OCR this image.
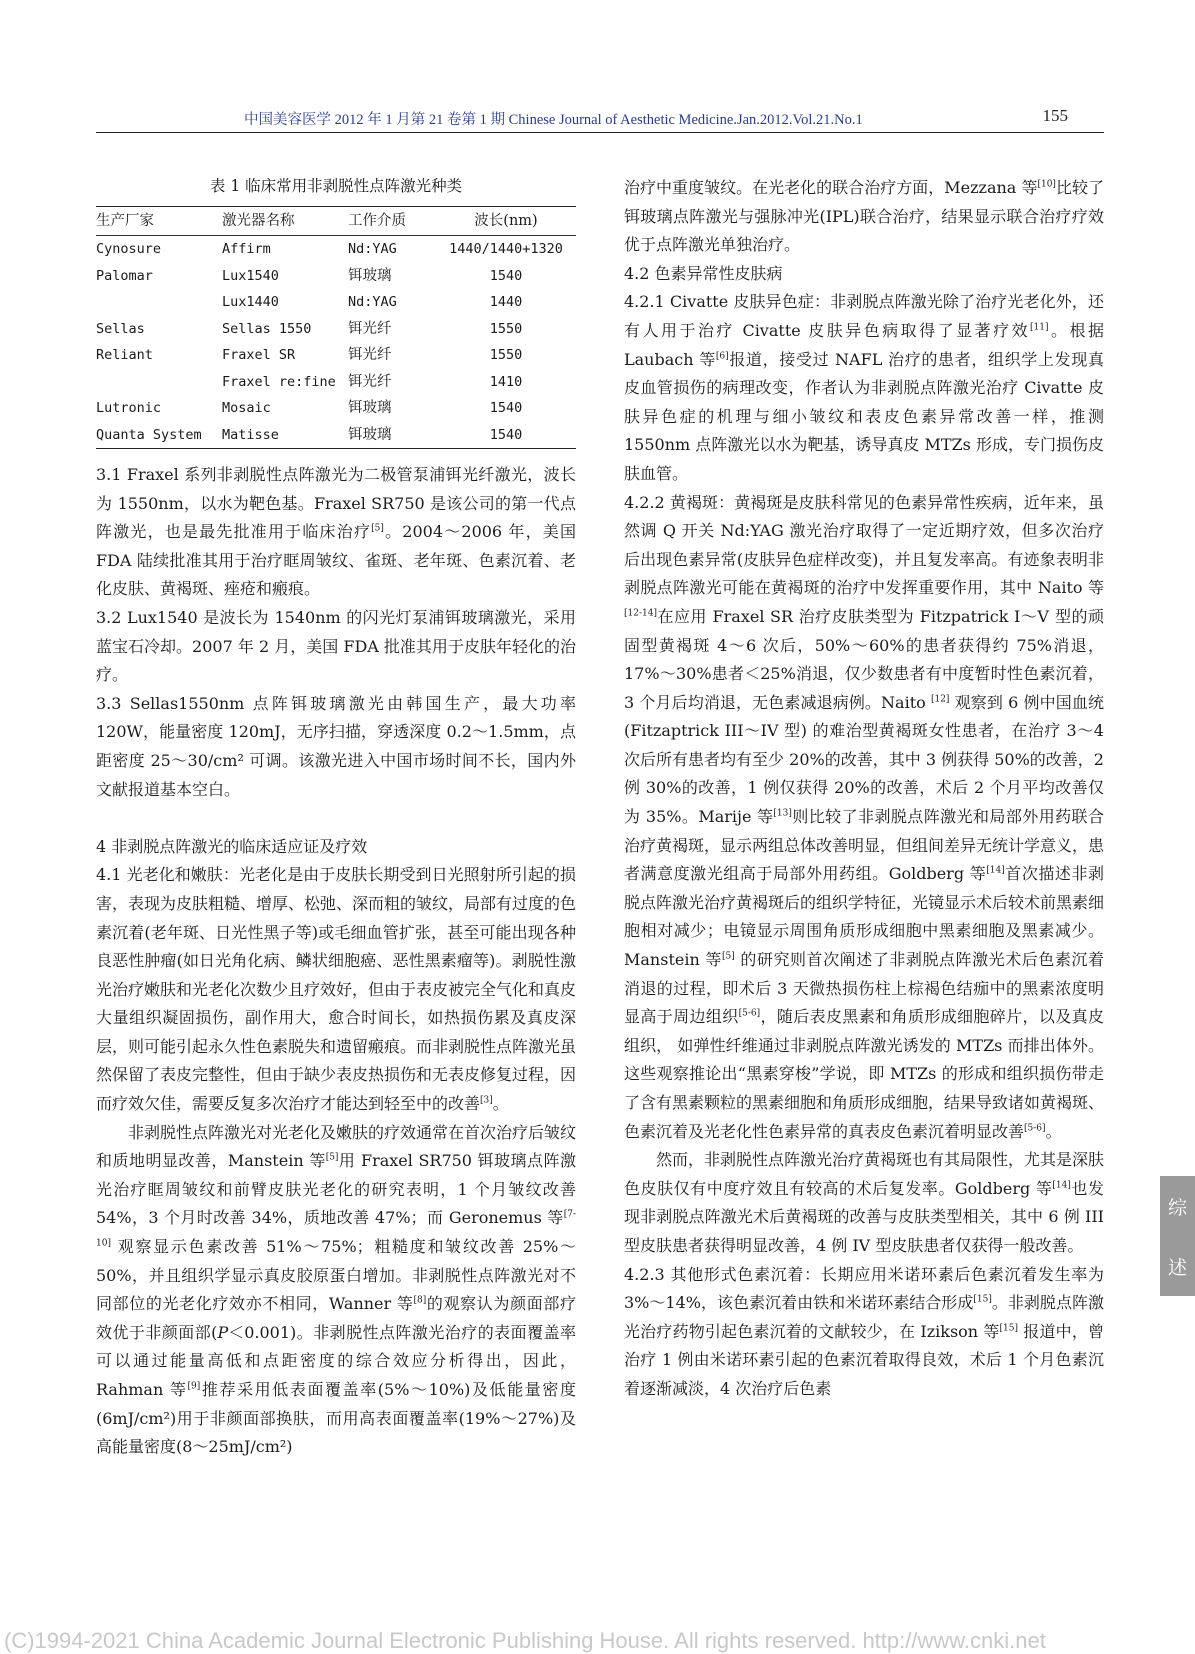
中国美容医学 2012 年 1 月第 21 卷第 1 期 Chinese Journal of Aesthetic Medicine.Jan.2012.Vol.21.No.1	155
表 1 临床常用非剥脱性点阵激光种类
生产厂家	激光器名称	工作介质	波长(nm)
Cynosure	Affirm	Nd:YAG	1440/1440+1320
Palomar	Lux1540	铒玻璃	1540
	Lux1440	Nd:YAG	1440
Sellas	Sellas 1550	铒光纤	1550
Reliant	Fraxel SR	铒光纤	1550
	Fraxel re:fine	铒光纤	1410
Lutronic	Mosaic	铒玻璃	1540
Quanta System	Matisse	铒玻璃	1540

3.1 Fraxel 系列非剥脱性点阵激光为二极管泵浦铒光纤激光，波长为 1550nm，以水为靶色基。Fraxel SR750 是该公司的第一代点阵激光，也是最先批准用于临床治疗[5]。2004～2006 年，美国 FDA 陆续批准其用于治疗眶周皱纹、雀斑、老年斑、色素沉着、老化皮肤、黄褐斑、痤疮和瘢痕。

3.2 Lux1540 是波长为 1540nm 的闪光灯泵浦铒玻璃激光，采用蓝宝石冷却。2007 年 2 月，美国 FDA 批准其用于皮肤年轻化的治疗。

3.3 Sellas1550nm 点阵铒玻璃激光由韩国生产，最大功率 120W，能量密度 120mJ，无序扫描，穿透深度 0.2～1.5mm，点距密度 25～30/cm² 可调。该激光进入中国市场时间不长，国内外文献报道基本空白。

4 非剥脱点阵激光的临床适应证及疗效

4.1 光老化和嫩肤：光老化是由于皮肤长期受到日光照射所引起的损害，表现为皮肤粗糙、增厚、松弛、深而粗的皱纹，局部有过度的色素沉着(老年斑、日光性黑子等)或毛细血管扩张，甚至可能出现各种良恶性肿瘤(如日光角化病、鳞状细胞癌、恶性黑素瘤等)。剥脱性激光治疗嫩肤和光老化次数少且疗效好，但由于表皮被完全气化和真皮大量组织凝固损伤，副作用大，愈合时间长，如热损伤累及真皮深层，则可能引起永久性色素脱失和遗留瘢痕。而非剥脱性点阵激光虽然保留了表皮完整性，但由于缺少表皮热损伤和无表皮修复过程，因而疗效欠佳，需要反复多次治疗才能达到轻至中的改善[3]。

非剥脱性点阵激光对光老化及嫩肤的疗效通常在首次治疗后皱纹和质地明显改善，Manstein 等[5]用 Fraxel SR750 铒玻璃点阵激光治疗眶周皱纹和前臂皮肤光老化的研究表明，1 个月皱纹改善 54%，3 个月时改善 34%，质地改善 47%；而 Geronemus 等[7-10] 观察显示色素改善 51%～75%；粗糙度和皱纹改善 25%～50%，并且组织学显示真皮胶原蛋白增加。非剥脱性点阵激光对不同部位的光老化疗效亦不相同，Wanner 等[8]的观察认为颜面部疗效优于非颜面部(P＜0.001)。非剥脱性点阵激光治疗的表面覆盖率可以通过能量高低和点距密度的综合效应分析得出，因此，Rahman 等[9]推荐采用低表面覆盖率(5%～10%)及低能量密度(6mJ/cm²)用于非颜面部换肤，而用高表面覆盖率(19%～27%)及高能量密度(8～25mJ/cm²)

治疗中重度皱纹。在光老化的联合治疗方面，Mezzana 等[10]比较了铒玻璃点阵激光与强脉冲光(IPL)联合治疗，结果显示联合治疗疗效优于点阵激光单独治疗。

4.2 色素异常性皮肤病

4.2.1 Civatte 皮肤异色症：非剥脱点阵激光除了治疗光老化外，还有人用于治疗 Civatte 皮肤异色病取得了显著疗效[11]。根据 Laubach 等[6]报道，接受过 NAFL 治疗的患者，组织学上发现真皮血管损伤的病理改变，作者认为非剥脱点阵激光治疗 Civatte 皮肤异色症的机理与细小皱纹和表皮色素异常改善一样，推测 1550nm 点阵激光以水为靶基，诱导真皮 MTZs 形成，专门损伤皮肤血管。

4.2.2 黄褐斑：黄褐斑是皮肤科常见的色素异常性疾病，近年来，虽然调 Q 开关 Nd:YAG 激光治疗取得了一定近期疗效，但多次治疗后出现色素异常(皮肤异色症样改变)，并且复发率高。有迹象表明非剥脱点阵激光可能在黄褐斑的治疗中发挥重要作用，其中 Naito 等[12-14]在应用 Fraxel SR 治疗皮肤类型为 Fitzpatrick Ⅰ～Ⅴ 型的顽固型黄褐斑 4～6 次后，50%～60%的患者获得约 75%消退，17%～30%患者＜25%消退，仅少数患者有中度暂时性色素沉着，3 个月后均消退，无色素减退病例。Naito [12] 观察到 6 例中国血统(Fitzaptrick III～IV 型) 的难治型黄褐斑女性患者，在治疗 3～4 次后所有患者均有至少 20%的改善，其中 3 例获得 50%的改善，2 例 30%的改善，1 例仅获得 20%的改善，术后 2 个月平均改善仅为 35%。Marije 等[13]则比较了非剥脱点阵激光和局部外用药联合治疗黄褐斑，显示两组总体改善明显，但组间差异无统计学意义，患者满意度激光组高于局部外用药组。Goldberg 等[14]首次描述非剥脱点阵激光治疗黄褐斑后的组织学特征，光镜显示术后较术前黑素细胞相对减少；电镜显示周围角质形成细胞中黑素细胞及黑素减少。Manstein 等[5] 的研究则首次阐述了非剥脱点阵激光术后色素沉着消退的过程，即术后 3 天微热损伤柱上棕褐色结痂中的黑素浓度明显高于周边组织[5-6]，随后表皮黑素和角质形成细胞碎片，以及真皮组织， 如弹性纤维通过非剥脱点阵激光诱发的 MTZs 而排出体外。这些观察推论出“黑素穿梭”学说，即 MTZs 的形成和组织损伤带走了含有黑素颗粒的黑素细胞和角质形成细胞，结果导致诸如黄褐斑、色素沉着及光老化性色素异常的真表皮色素沉着明显改善[5-6]。

然而，非剥脱性点阵激光治疗黄褐斑也有其局限性，尤其是深肤色皮肤仅有中度疗效且有较高的术后复发率。Goldberg 等[14]也发现非剥脱点阵激光术后黄褐斑的改善与皮肤类型相关，其中 6 例 III 型皮肤患者获得明显改善，4 例 IV 型皮肤患者仅获得一般改善。

4.2.3 其他形式色素沉着：长期应用米诺环素后色素沉着发生率为 3%～14%，该色素沉着由铁和米诺环素结合形成[15]。非剥脱点阵激光治疗药物引起色素沉着的文献较少，在 Izikson 等[15] 报道中，曾治疗 1 例由米诺环素引起的色素沉着取得良效，术后 1 个月色素沉着逐渐减淡，4 次治疗后色素

综
述
(C)1994-2021 China Academic Journal Electronic Publishing House. All rights reserved. http://www.cnki.net
